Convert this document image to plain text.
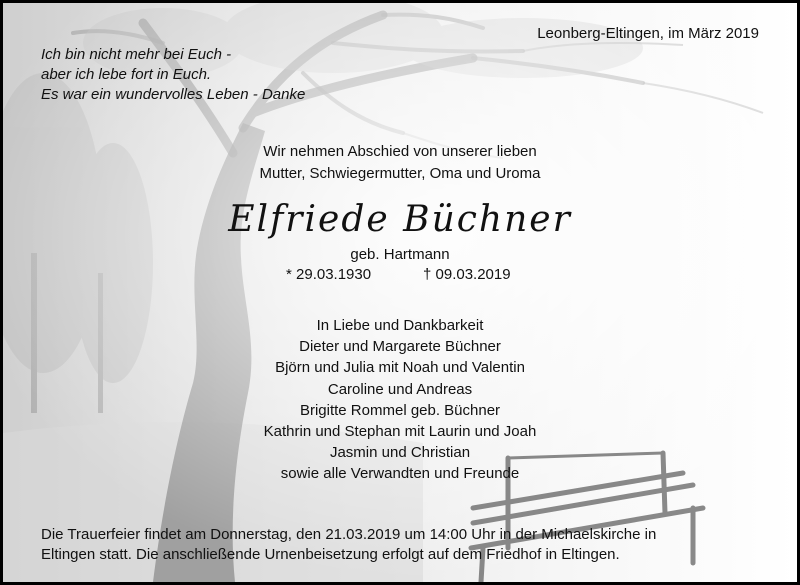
Leonberg-Eltingen, im März 2019
Ich bin nicht mehr bei Euch -
aber ich lebe fort in Euch.
Es war ein wundervolles Leben - Danke
Wir nehmen Abschied von unserer lieben
Mutter, Schwiegermutter, Oma und Uroma
Elfriede Büchner
geb. Hartmann
* 29.03.1930	† 09.03.2019
In Liebe und Dankbarkeit
Dieter und Margarete Büchner
Björn und Julia mit Noah und Valentin
Caroline und Andreas
Brigitte Rommel geb. Büchner
Kathrin und Stephan mit Laurin und Joah
Jasmin und Christian
sowie alle Verwandten und Freunde
Die Trauerfeier findet am Donnerstag, den 21.03.2019 um 14:00 Uhr in der Michaelskirche in
Eltingen statt. Die anschließende Urnenbeisetzung erfolgt auf dem Friedhof in Eltingen.
